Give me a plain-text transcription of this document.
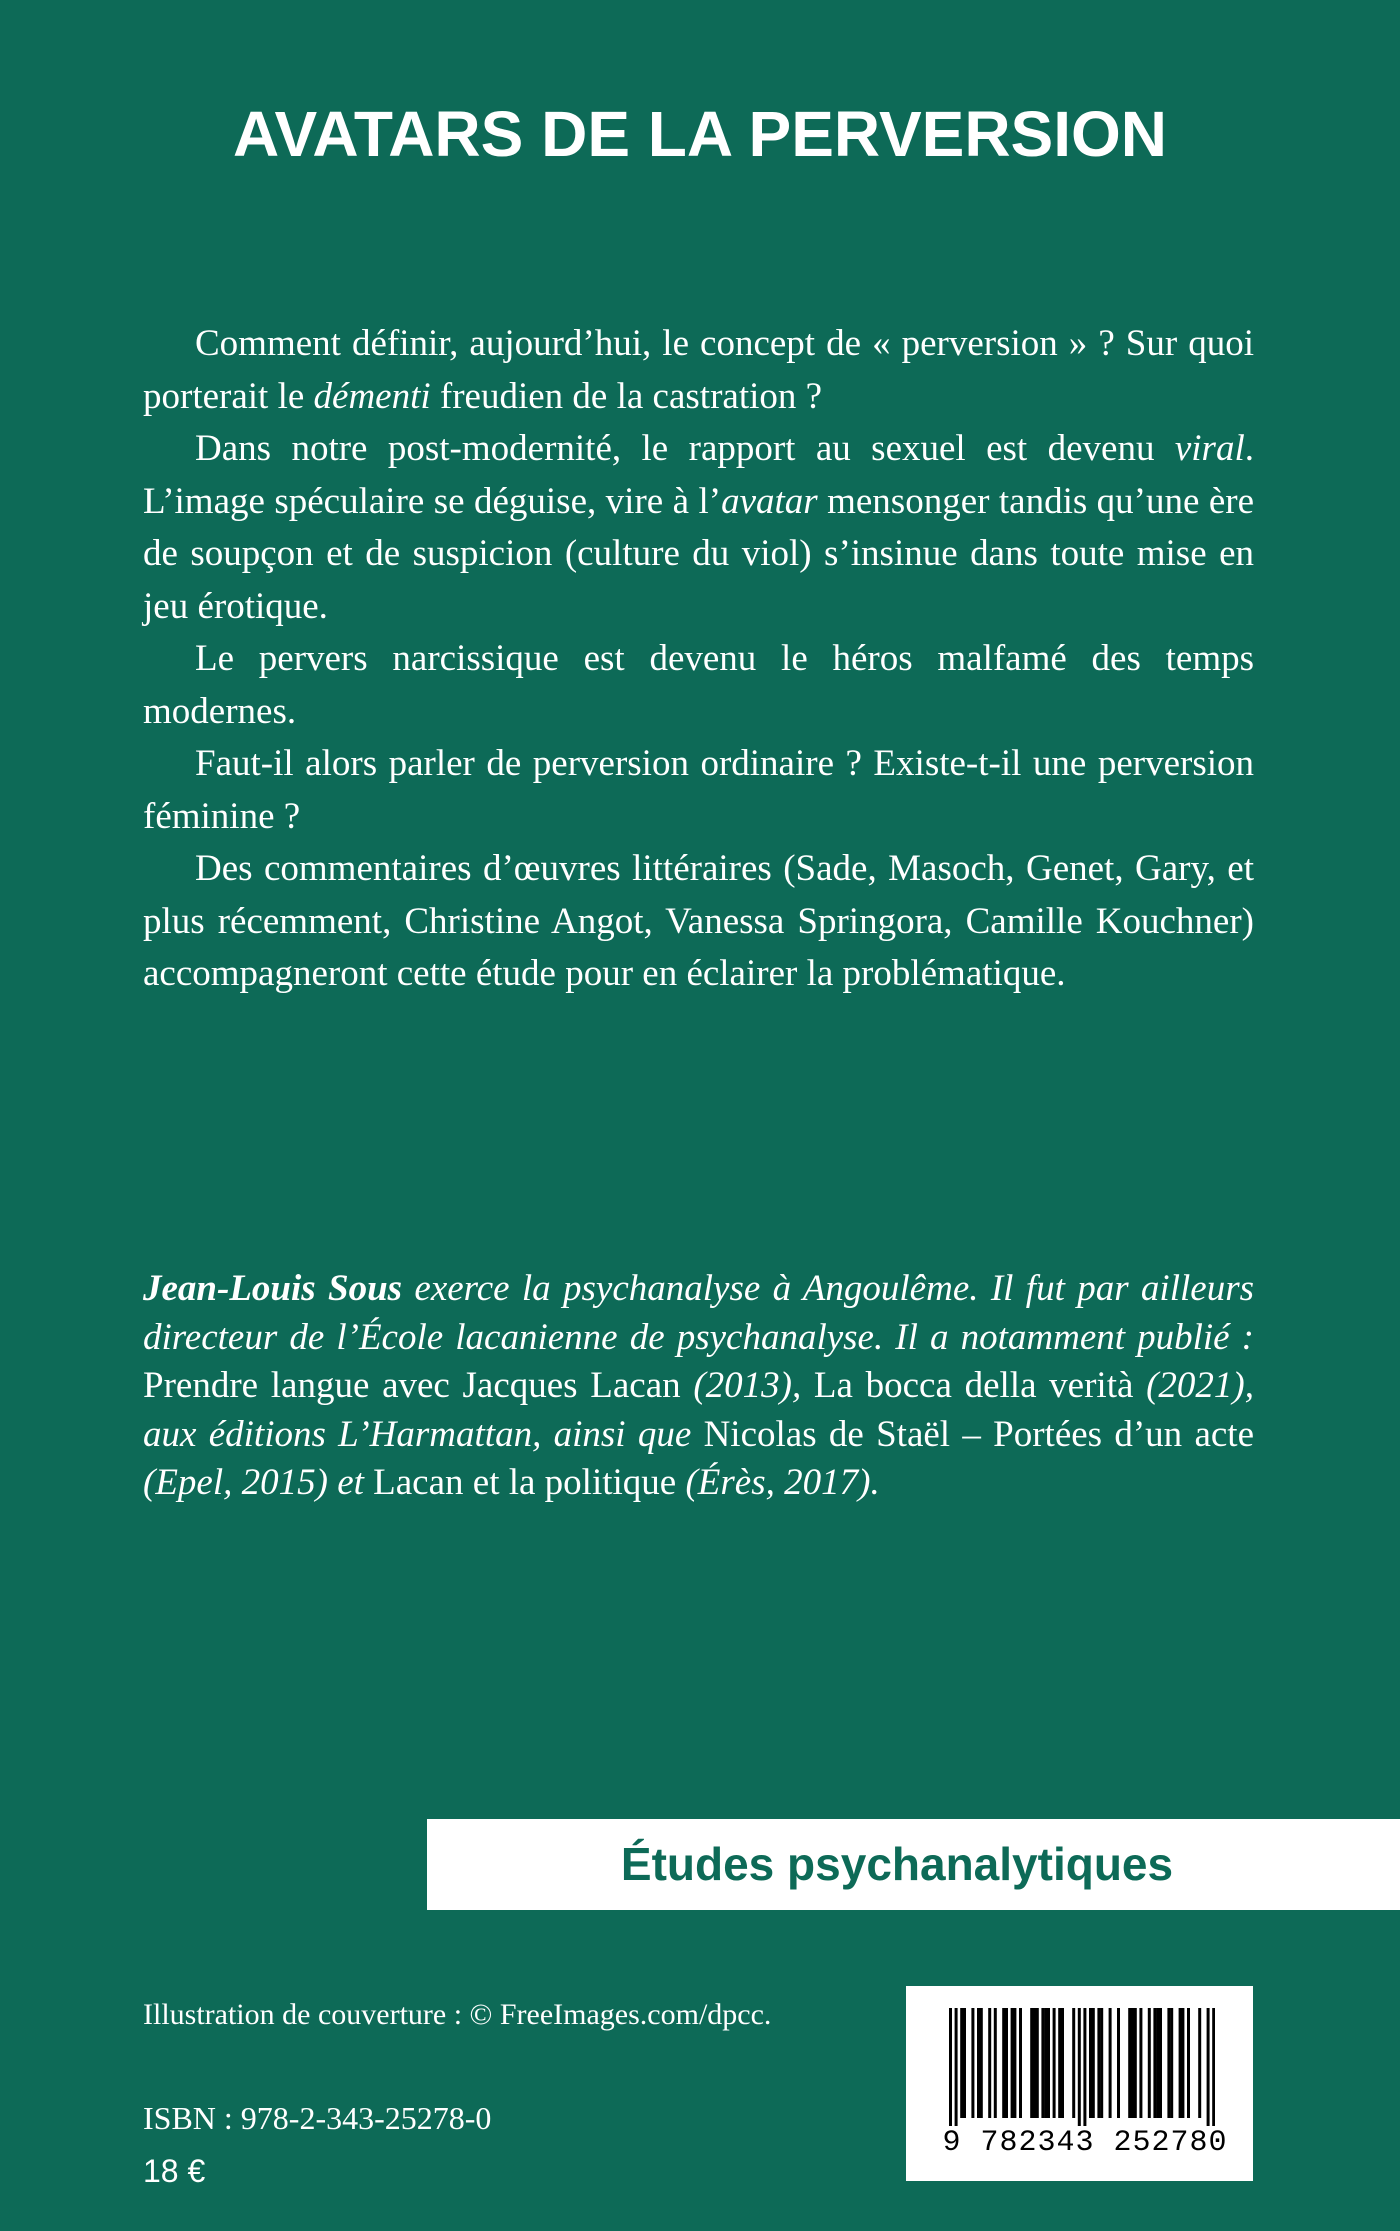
AVATARS DE LA PERVERSION

Comment définir, aujourd’hui, le concept de « perversion » ? Sur quoi porterait le démenti freudien de la castration ?

Dans notre post-modernité, le rapport au sexuel est devenu viral. L’image spéculaire se déguise, vire à l’avatar mensonger tandis qu’une ère de soupçon et de suspicion (culture du viol) s’insinue dans toute mise en jeu érotique.

Le pervers narcissique est devenu le héros malfamé des temps modernes.

Faut-il alors parler de perversion ordinaire ? Existe-t-il une perversion féminine ?

Des commentaires d’œuvres littéraires (Sade, Masoch, Genet, Gary, et plus récemment, Christine Angot, Vanessa Springora, Camille Kouchner) accompagneront cette étude pour en éclairer la problématique.

Jean-Louis Sous exerce la psychanalyse à Angoulême. Il fut par ailleurs directeur de l’École lacanienne de psychanalyse. Il a notamment publié : Prendre langue avec Jacques Lacan (2013), La bocca della verità (2021), aux éditions L’Harmattan, ainsi que Nicolas de Staël – Portées d’un acte (Epel, 2015) et Lacan et la politique (Érès, 2017).

Études psychanalytiques
Illustration de couverture : © FreeImages.com/dpcc.
ISBN : 978-2-343-25278-0
18 €
9 782343 252780
